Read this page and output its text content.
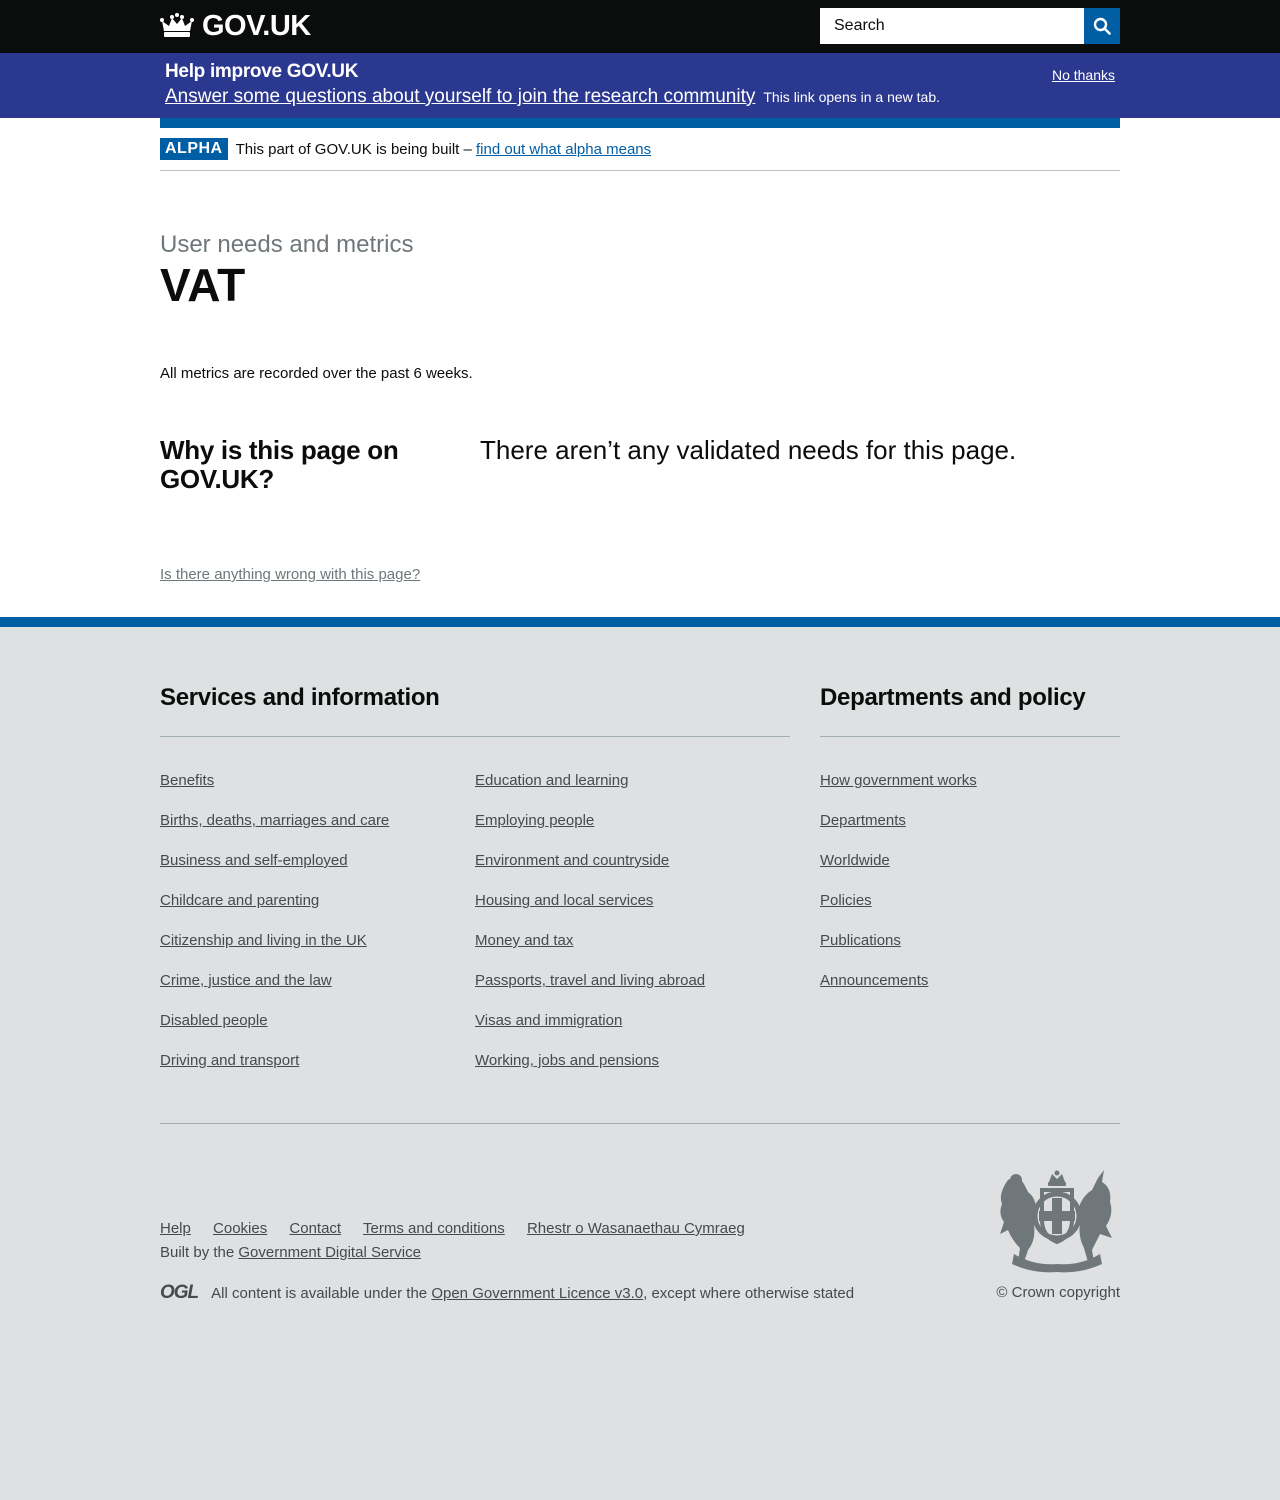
GOV.UK
Search
Help improve GOV.UK
Answer some questions about yourself to join the research community This link opens in a new tab.
No thanks
ALPHA This part of GOV.UK is being built – find out what alpha means
User needs and metrics
VAT

All metrics are recorded over the past 6 weeks.

Why is this page on GOV.UK?

There aren’t any validated needs for this page.

Is there anything wrong with this page?
Services and information
Benefits
Births, deaths, marriages and care
Business and self-employed
Childcare and parenting
Citizenship and living in the UK
Crime, justice and the law
Disabled people
Driving and transport
Education and learning
Employing people
Environment and countryside
Housing and local services
Money and tax
Passports, travel and living abroad
Visas and immigration
Working, jobs and pensions
Departments and policy
How government works
Departments
Worldwide
Policies
Publications
Announcements
Help Cookies Contact Terms and conditions Rhestr o Wasanaethau Cymraeg
Built by the Government Digital Service
OGL All content is available under the
Open Government Licence v3.0 , except where otherwise stated	© Crown copyright
